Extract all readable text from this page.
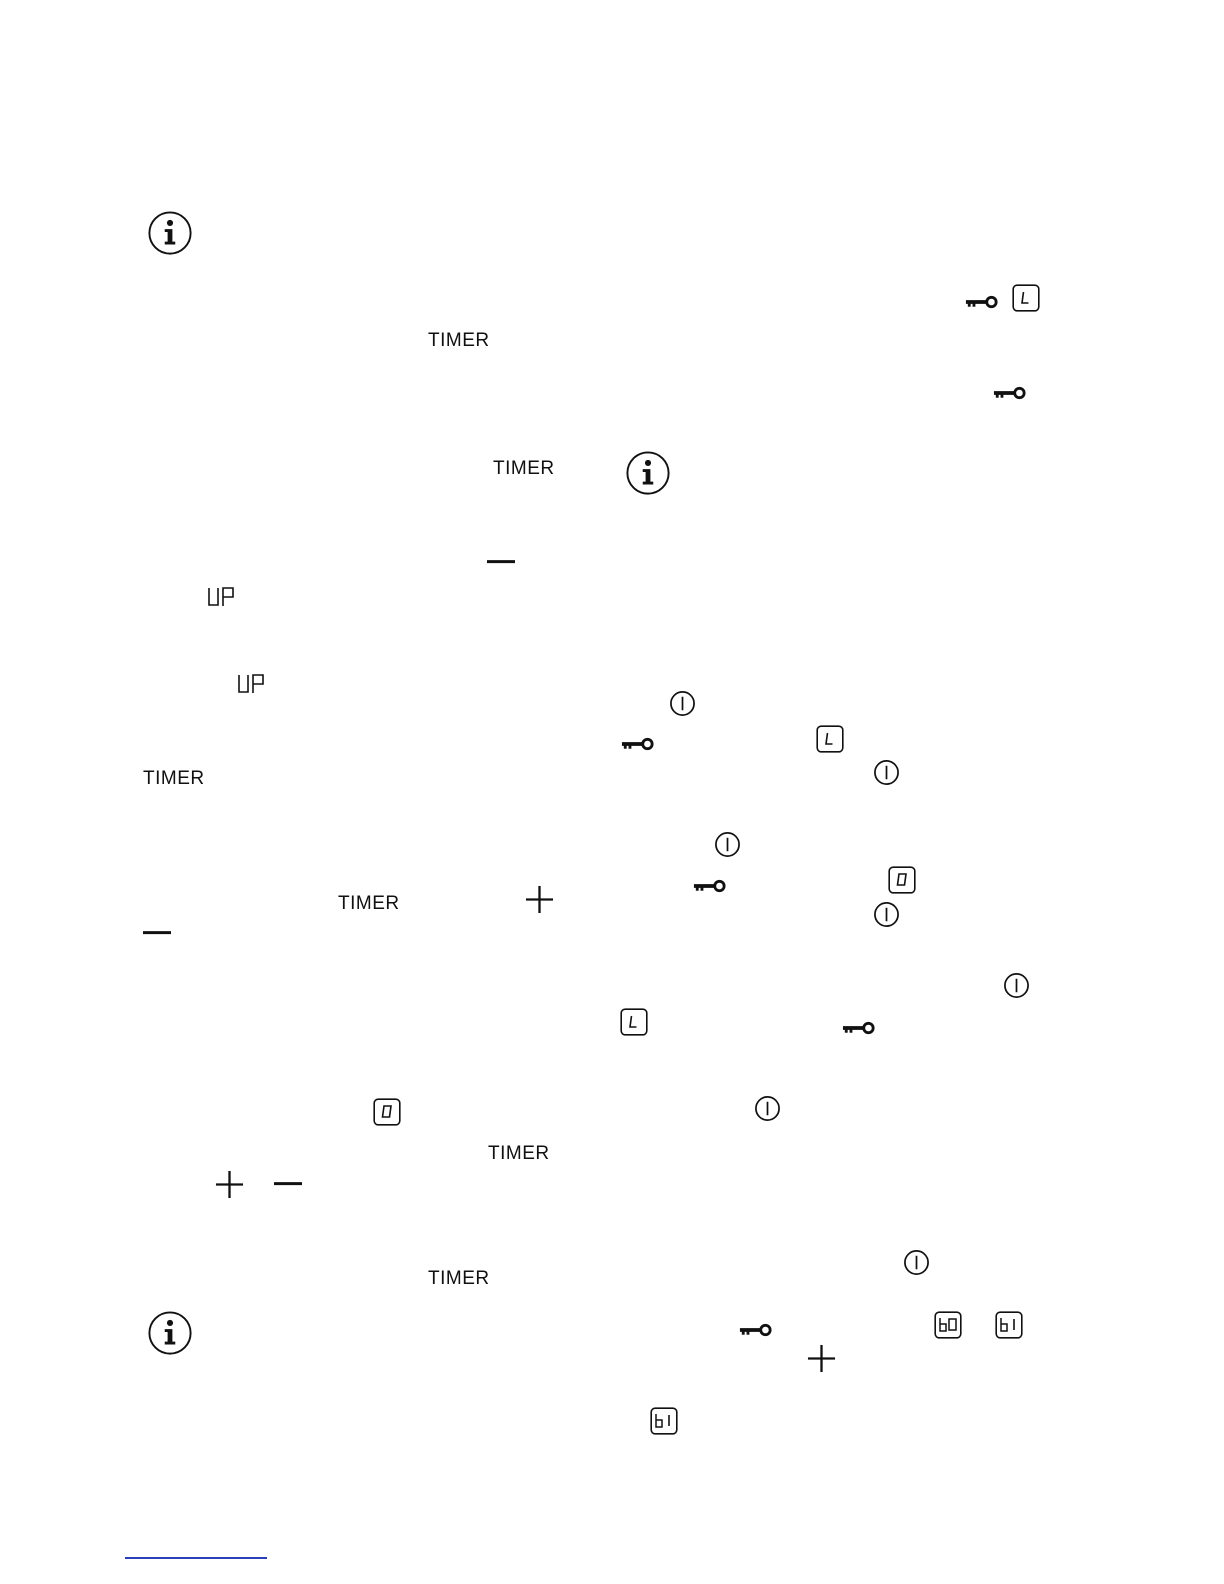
TIMER
TIMER
TIMER
TIMER
TIMER
TIMER
